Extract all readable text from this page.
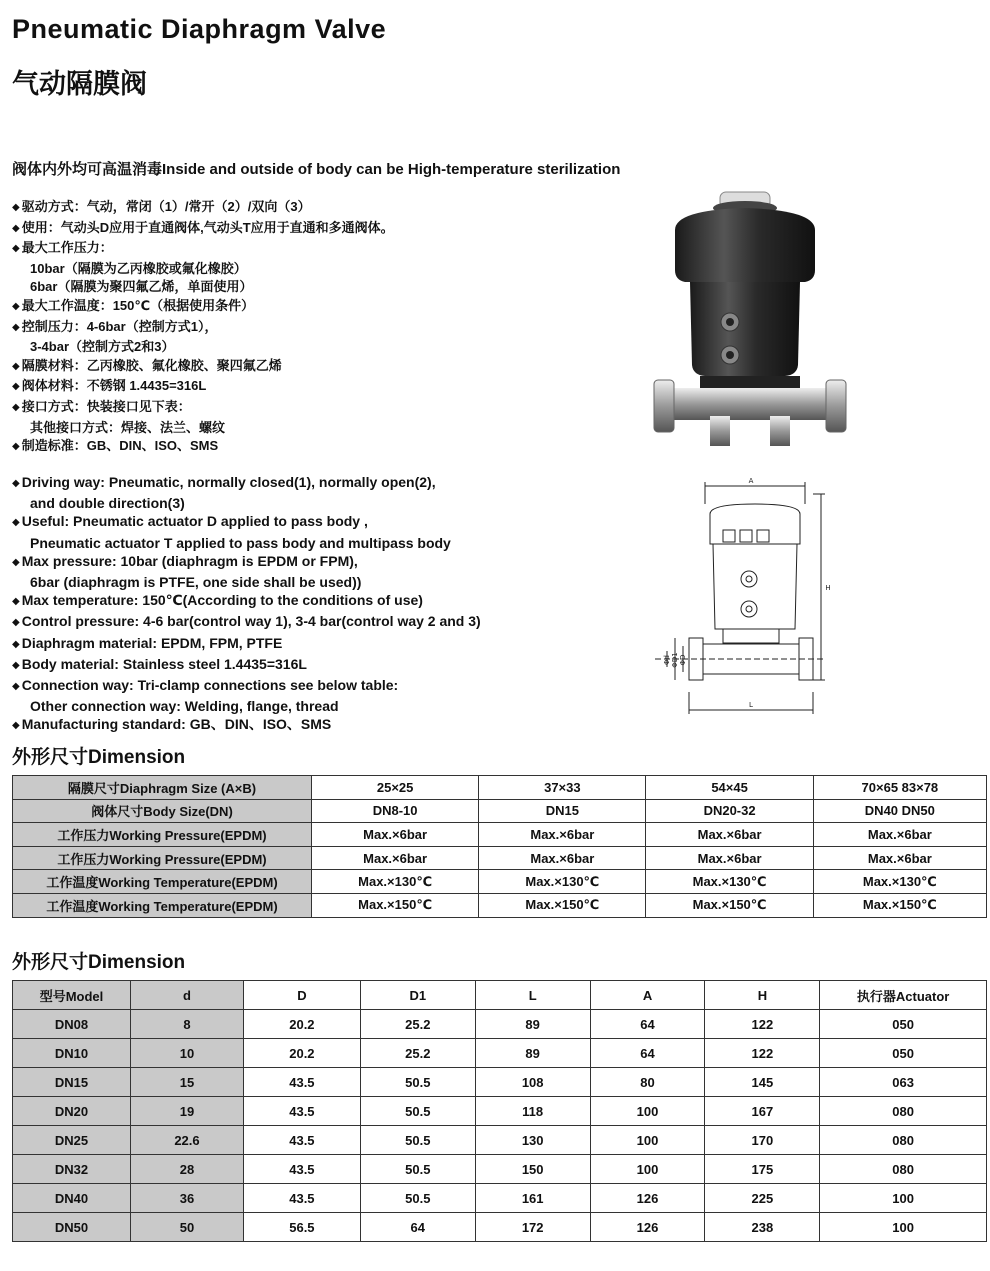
Pneumatic Diaphragm Valve
气动隔膜阀
阀体内外均可高温消毒Inside and outside of body can be High-temperature sterilization
◆ 驱动方式：气动，常闭（1）/常开（2）/双向（3）
◆ 使用：气动头D应用于直通阀体,气动头T应用于直通和多通阀体。
◆ 最大工作压力：
10bar（隔膜为乙丙橡胶或氟化橡胶）
6bar（隔膜为聚四氟乙烯，单面使用）
◆ 最大工作温度：150℃（根据使用条件）
◆ 控制压力：4-6bar（控制方式1），
3-4bar（控制方式2和3）
◆ 隔膜材料：乙丙橡胶、氟化橡胶、聚四氟乙烯
◆ 阀体材料：不锈钢 1.4435=316L
◆ 接口方式：快装接口见下表：
其他接口方式：焊接、法兰、螺纹
◆ 制造标准：GB、DIN、ISO、SMS
◆ Driving way: Pneumatic, normally closed(1), normally open(2),
and double direction(3)
◆ Useful: Pneumatic actuator D applied to pass body ,
Pneumatic actuator T applied to pass body and multipass body
◆ Max pressure: 10bar (diaphragm is EPDM or FPM),
6bar (diaphragm is PTFE, one side shall be used))
◆ Max temperature: 150℃(According to the conditions of use)
◆ Control pressure: 4-6 bar(control way 1), 3-4 bar(control way 2 and 3)
◆ Diaphragm material: EPDM, FPM, PTFE
◆ Body material: Stainless steel 1.4435=316L
◆ Connection way: Tri-clamp connections see below table:
Other connection way: Welding, flange, thread
◆ Manufacturing standard: GB、DIN、ISO、SMS
A
H
L
ΦD1 ΦD
Φd
外形尺寸Dimension
隔膜尺寸Diaphragm Size (A×B)	25×25	37×33	54×45	70×65 83×78
阀体尺寸Body Size(DN)	DN8-10	DN15	DN20-32	DN40 DN50
工作压力Working Pressure(EPDM)	Max.×6bar	Max.×6bar	Max.×6bar	Max.×6bar
工作压力Working Pressure(EPDM)	Max.×6bar	Max.×6bar	Max.×6bar	Max.×6bar
工作温度Working Temperature(EPDM)	Max.×130℃	Max.×130℃	Max.×130℃	Max.×130℃
工作温度Working Temperature(EPDM)	Max.×150℃	Max.×150℃	Max.×150℃	Max.×150℃
外形尺寸Dimension
型号Model	d	D	D1	L	A	H	执行器Actuator
DN08	8	20.2	25.2	89	64	122	050
DN10	10	20.2	25.2	89	64	122	050
DN15	15	43.5	50.5	108	80	145	063
DN20	19	43.5	50.5	118	100	167	080
DN25	22.6	43.5	50.5	130	100	170	080
DN32	28	43.5	50.5	150	100	175	080
DN40	36	43.5	50.5	161	126	225	100
DN50	50	56.5	64	172	126	238	100
